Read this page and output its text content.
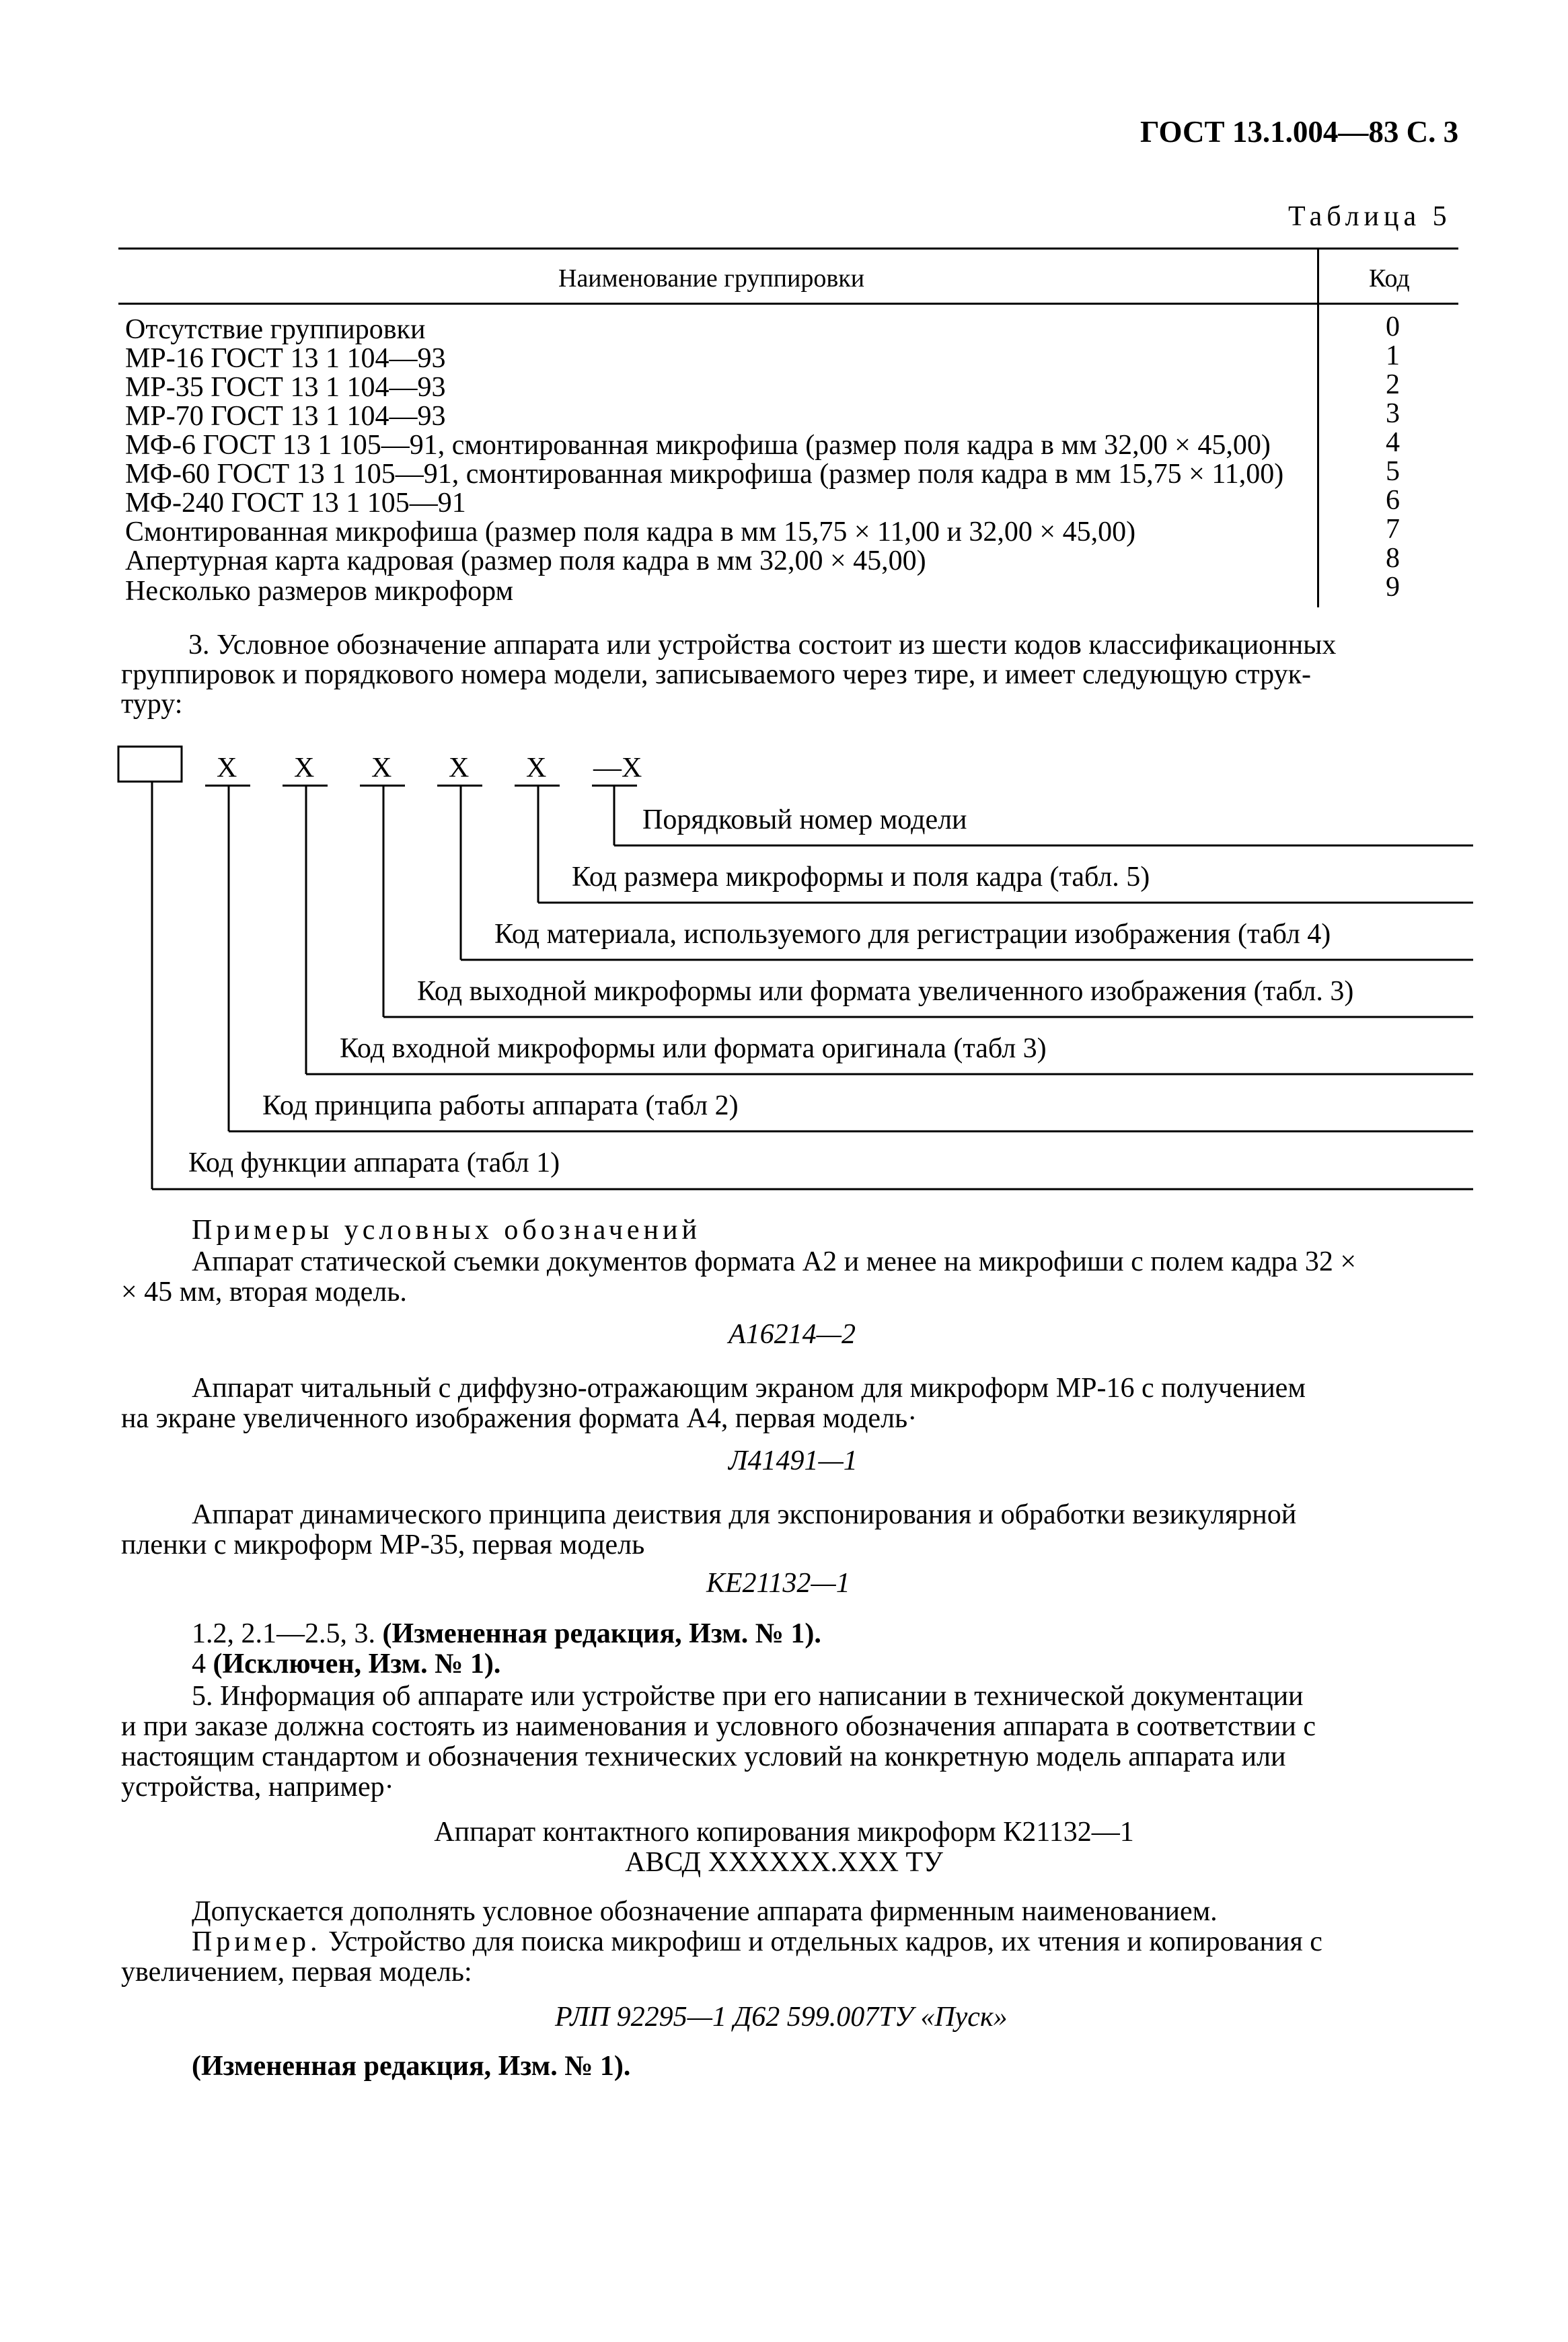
ГОСТ 13.1.004—83 С. 3
Таблица 5
Наименование группировки	Код
Отсутствие группировки
МР-16 ГОСТ 13 1 104—93
МР-35 ГОСТ 13 1 104—93
МР-70 ГОСТ 13 1 104—93
МФ-6 ГОСТ 13 1 105—91, смонтированная микрофиша (размер поля кадра в мм 32,00 × 45,00)
МФ-60 ГОСТ 13 1 105—91, смонтированная микрофиша (размер поля кадра в мм 15,75 × 11,00)
МФ-240 ГОСТ 13 1 105—91
Смонтированная микрофиша (размер поля кадра в мм 15,75 × 11,00 и 32,00 × 45,00)
Апертурная карта кадровая (размер поля кадра в мм 32,00 × 45,00)
Несколько размеров микроформ
0
1
2
3
4
5
6
7
8
9
3. Условное обозначение аппарата или устройства состоит из шести кодов классификационных
группировок и порядкового номера модели, записываемого через тире, и имеет следующую струк-
туру:
X X X X X —X
Порядковый номер модели
Код размера микроформы и поля кадра (табл. 5)
Код материала, используемого для регистрации изображения (табл 4)
Код выходной микроформы или формата увеличенного изображения (табл. 3)
Код входной микроформы или формата оригинала (табл 3)
Код принципа работы аппарата (табл 2)
Код функции аппарата (табл 1)
Примеры условных обозначений
Аппарат статической съемки документов формата А2 и менее на микрофиши с полем кадра 32 ×
× 45 мм, вторая модель.
А16214—2
Аппарат читальный с диффузно-отражающим экраном для микроформ МР-16 с получением
на экране увеличенного изображения формата А4, первая модель·
Л41491—1
Аппарат динамического принципа деиствия для экспонирования и обработки везикулярной
пленки с микроформ МР-35, первая модель
КЕ21132—1
1.2, 2.1—2.5, 3. (Измененная редакция, Изм. № 1).
4 (Исключен, Изм. № 1).
5. Информация об аппарате или устройстве при его написании в технической документации
и при заказе должна состоять из наименования и условного обозначения аппарата в соответствии с
настоящим стандартом и обозначения технических условий на конкретную модель аппарата или
устройства, например·
Аппарат контактного копирования микроформ К21132—1
АВСД ХХХХХХ.ХХХ ТУ
Допускается дополнять условное обозначение аппарата фирменным наименованием.
Пример. Устройство для поиска микрофиш и отдельных кадров, их чтения и копирования с
увеличением, первая модель:
РЛП 92295—1 Д62 599.007ТУ «Пуск»
(Измененная редакция, Изм. № 1).
